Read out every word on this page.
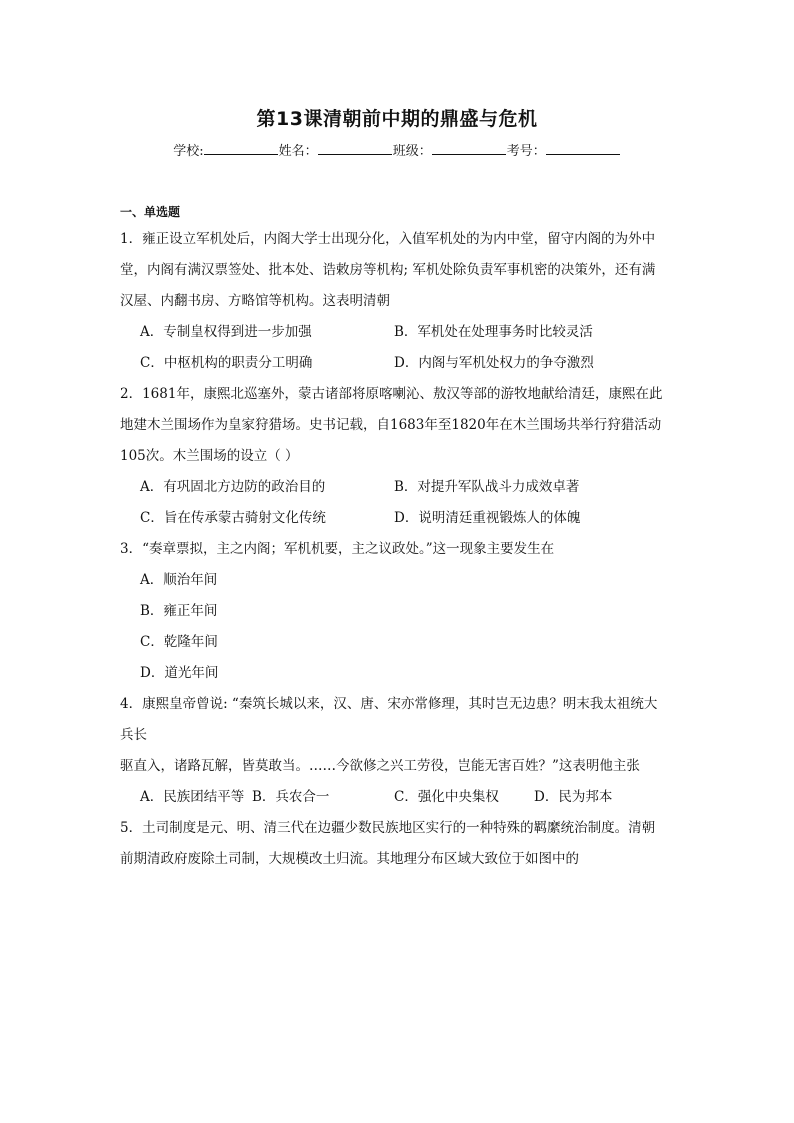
第13课清朝前中期的鼎盛与危机
学校:	姓名：	班级：	考号：
一、单选题
1．雍正设立军机处后，内阁大学士出现分化，入值军机处的为内中堂，留守内阁的为外中
堂，内阁有满汉票签处、批本处、诰敕房等机构; 军机处除负责军事机密的决策外，还有满
汉屋、内翻书房、方略馆等机构。这表明清朝
A．专制皇权得到进一步加强	B．军机处在处理事务时比较灵活
C．中枢机构的职责分工明确	D．内阁与军机处权力的争夺激烈
2．1681年，康熙北巡塞外，蒙古诸部将原喀喇沁、敖汉等部的游牧地献给清廷，康熙在此
地建木兰围场作为皇家狩猎场。史书记载，自1683年至1820年在木兰围场共举行狩猎活动
105次。木兰围场的设立（ ）
A．有巩固北方边防的政治目的	B．对提升军队战斗力成效卓著
C．旨在传承蒙古骑射文化传统	D．说明清廷重视锻炼人的体魄
3．“奏章票拟，主之内阁；军机机要，主之议政处。”这一现象主要发生在
A．顺治年间
B．雍正年间
C．乾隆年间
D．道光年间
4．康熙皇帝曾说: “秦筑长城以来，汉、唐、宋亦常修理，其时岂无边患？明末我太祖统大
兵长
驱直入，诸路瓦解，皆莫敢当。……今欲修之兴工劳役，岂能无害百姓？”这表明他主张
A．民族团结平等 B．兵农合一	C．强化中央集权	D．民为邦本
5．土司制度是元、明、清三代在边疆少数民族地区实行的一种特殊的羁縻统治制度。清朝
前期清政府废除土司制，大规模改土归流。其地理分布区域大致位于如图中的
